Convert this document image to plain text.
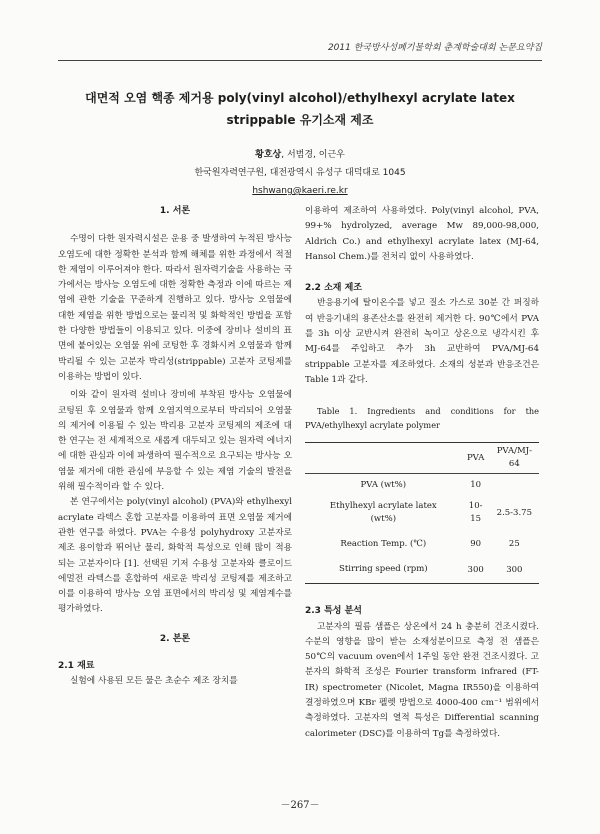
2011 한국방사성폐기물학회 춘계학술대회 논문요약집
대면적 오염 핵종 제거용 poly(vinyl alcohol)/ethylhexyl acrylate latex
strippable 유기소재 제조
황호상, 서범경, 이근우
한국원자력연구원, 대전광역시 유성구 대덕대로 1045
hshwang@kaeri.re.kr
1. 서론

수명이 다한 원자력시설은 운용 중 발생하여 누적된 방사능 오염도에 대한 정확한 분석과 함께 해체를 위한 과정에서 적절한 제염이 이루어져야 한다. 따라서 원자력기술을 사용하는 국가에서는 방사능 오염도에 대한 정확한 측정과 이에 따르는 제염에 관한 기술을 꾸준하게 진행하고 있다. 방사능 오염물에 대한 제염을 위한 방법으로는 물리적 및 화학적인 방법을 포함한 다양한 방법들이 이용되고 있다. 이중에 장비나 설비의 표면에 붙어있는 오염물 위에 코팅한 후 경화시켜 오염물과 함께 박리될 수 있는 고분자 박리성(strippable) 고분자 코팅제를 이용하는 방법이 있다.

이와 같이 원자력 설비나 장비에 부착된 방사능 오염물에 코팅된 후 오염물과 함께 오염지역으로부터 박리되어 오염물의 제거에 이용될 수 있는 박리용 고분자 코팅제의 제조에 대한 연구는 전 세계적으로 새롭게 대두되고 있는 원자력 에너지에 대한 관심과 이에 파생하여 필수적으로 요구되는 방사능 오염물 제거에 대한 관심에 부응할 수 있는 제염 기술의 발전을 위해 필수적이라 할 수 있다.

본 연구에서는 poly(vinyl alcohol) (PVA)와 ethylhexyl acrylate 라텍스 혼합 고분자를 이용하여 표면 오염물 제거에 관한 연구를 하였다. PVA는 수용성 polyhydroxy 고분자로 제조 용이함과 뛰어난 물리, 화학적 특성으로 인해 많이 적용되는 고분자이다 [1]. 선택된 기저 수용성 고분자와 클로이드 에멀전 라텍스를 혼합하여 새로운 박리성 코팅제를 제조하고 이를 이용하여 방사능 오염 표면에서의 박리성 및 제염계수를 평가하였다.

2. 본론
2.1 재료

실험에 사용된 모든 물은 초순수 제조 장치를

이용하여 제조하여 사용하였다. Poly(vinyl alcohol, PVA, 99+% hydrolyzed, average Mw 89,000-98,000, Aldrich Co.) and ethylhexyl acrylate latex (MJ-64, Hansol Chem.)를 전처리 없이 사용하였다.

2.2 소재 제조

반응용기에 탈이온수를 넣고 질소 가스로 30분 간 퍼징하여 반응기내의 용존산소를 완전히 제거한 다. 90℃에서 PVA를 3h 이상 교반시켜 완전히 녹이고 상온으로 냉각시킨 후 MJ-64를 주입하고 추가 3h 교반하여 PVA/MJ-64 strippable 고분자를 제조하였다. 소재의 성분과 반응조건은 Table 1과 같다.

Table 1. Ingredients and conditions for the PVA/ethylhexyl acrylate polymer

	PVA	PVA/MJ-64
PVA (wt%)	10	
Ethylhexyl acrylate latex (wt%)	10-15	2.5-3.75
Reaction Temp. (℃)	90	25
Stirring speed (rpm)	300	300
2.3 특성 분석

고분자의 필름 샘플은 상온에서 24 h 충분히 건조시켰다. 수분의 영향을 많이 받는 소재성분이므로 측정 전 샘플은 50℃의 vacuum oven에서 1주일 동안 완전 건조시켰다. 고분자의 화학적 조성은 Fourier transform infrared (FT-IR) spectrometer (Nicolet, Magna IR550)을 이용하여 결정하였으며 KBr 펠렛 방법으로 4000-400 cm⁻¹ 범위에서 측정하였다. 고분자의 열적 특성은 Differential scanning calorimeter (DSC)를 이용하여 Tg를 측정하였다.

－267－
